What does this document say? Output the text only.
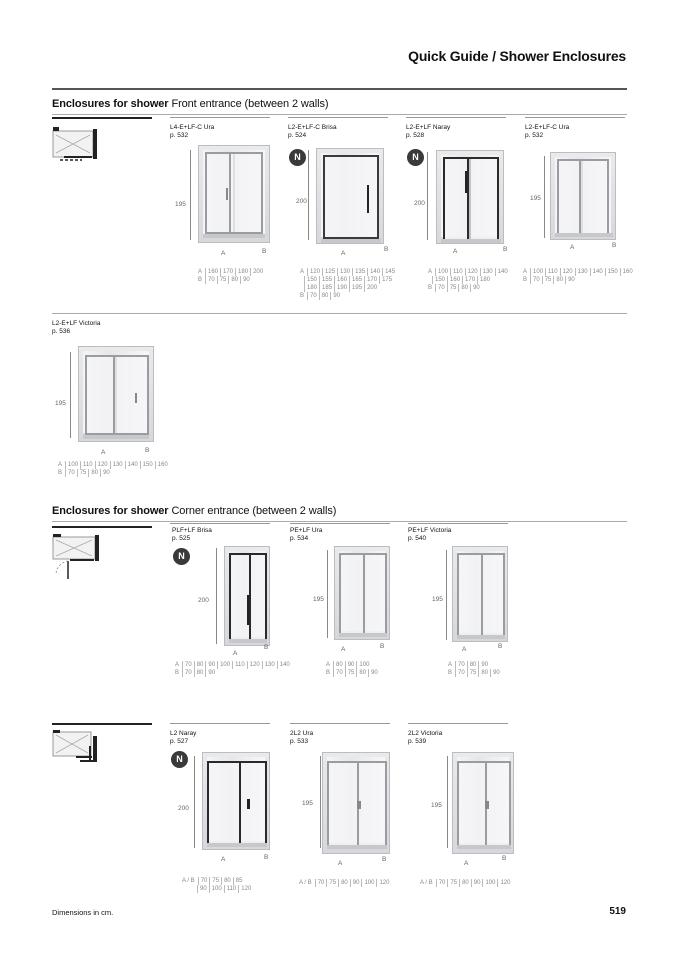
Quick Guide / Shower Enclosures
Enclosures for shower Front entrance (between 2 walls)
L4-E+LF-C Ura
p. 532
195
A	B
A 160 170 180 200
B 70 75 80 90
L2-E+LF-C Brisa
p. 524
N
200
A
B
A 120 125 130 135 140 145
150 155 160 165 170 175
180 185 190 195 200
B 70 80 90
L2-E+LF Naray
p. 528
N
200
A	B
A 100 110 120 130 140
150 160 170 180
B 70 75 80 90
L2-E+LF-C Ura
p. 532
195
A	B
A 100 110 120 130 140 150 160
B 70 75 80 90
L2-E+LF Victoria
p. 536
195
A	B
A 100 110 120 130 140 150 160
B 70 75 80 90
Enclosures for shower Corner entrance (between 2 walls)
PLF+LF Brisa
p. 525
N
200
A
B
A 70 80 90 100 110 120 130 140
B 70 80 90
PE+LF Ura
p. 534
195
A	B
A 80 90 100
B 70 75 80 90
PE+LF Victoria
p. 540
195
A	B
A 70 80 90
B 70 75 80 90
L2 Naray
p. 527
N
200
A	B
A / B 70 75 80 85
90 100 110 120
2L2 Ura
p. 533
195
A
B
A / B 70 75 80 90 100 120
2L2 Victoria
p. 539
195
A
B
A / B 70 75 80 90 100 120
Dimensions in cm.	519
